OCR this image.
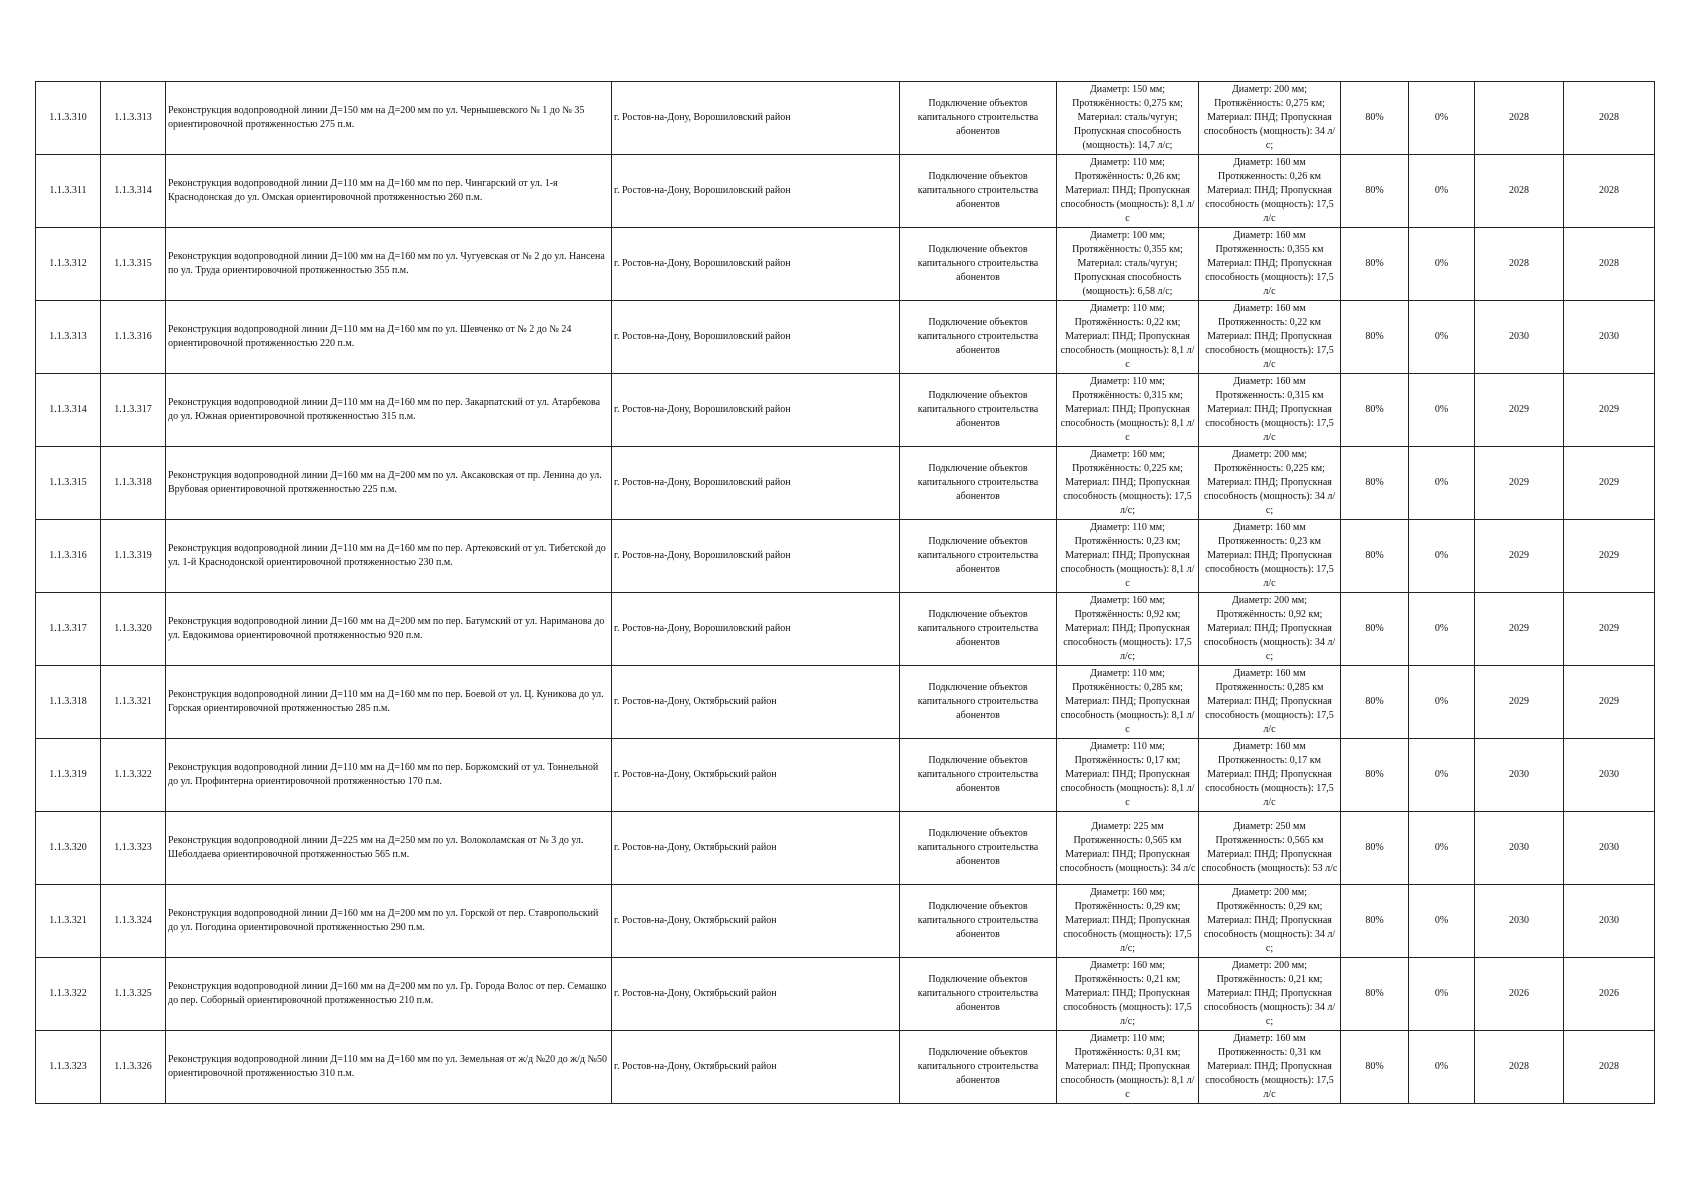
1.1.3.310	1.1.3.313	Реконструкция водопроводной линии Д=150 мм на Д=200 мм по ул. Чернышевского № 1 до № 35 ориентировочной протяженностью 275 п.м.	г. Ростов-на-Дону, Ворошиловский район	Подключение объектов капитального строительства абонентов	Диаметр: 150 мм; Протяжённость: 0,275 км; Материал: сталь/чугун; Пропускная способность (мощность): 14,7 л/с;	Диаметр: 200 мм; Протяжённость: 0,275 км; Материал: ПНД; Пропускная способность (мощность): 34 л/с;	80%	0%	2028	2028
1.1.3.311	1.1.3.314	Реконструкция водопроводной линии Д=110 мм на Д=160 мм по пер. Чингарский от ул. 1-я Краснодонская до ул. Омская ориентировочной протяженностью 260 п.м.	г. Ростов-на-Дону, Ворошиловский район	Подключение объектов капитального строительства абонентов	Диаметр: 110 мм; Протяжённость: 0,26 км; Материал: ПНД; Пропускная способность (мощность): 8,1 л/с	Диаметр: 160 мм Протяженность: 0,26 км Материал: ПНД; Пропускная способность (мощность): 17,5 л/с	80%	0%	2028	2028
1.1.3.312	1.1.3.315	Реконструкция водопроводной линии Д=100 мм на Д=160 мм по ул. Чугуевская от № 2 до ул. Нансена по ул. Труда ориентировочной протяженностью 355 п.м.	г. Ростов-на-Дону, Ворошиловский район	Подключение объектов капитального строительства абонентов	Диаметр: 100 мм; Протяжённость: 0,355 км; Материал: сталь/чугун; Пропускная способность (мощность): 6,58 л/с;	Диаметр: 160 мм Протяженность: 0,355 км Материал: ПНД; Пропускная способность (мощность): 17,5 л/с	80%	0%	2028	2028
1.1.3.313	1.1.3.316	Реконструкция водопроводной линии Д=110 мм на Д=160 мм по ул. Шевченко от № 2 до № 24 ориентировочной протяженностью 220 п.м.	г. Ростов-на-Дону, Ворошиловский район	Подключение объектов капитального строительства абонентов	Диаметр: 110 мм; Протяжённость: 0,22 км; Материал: ПНД; Пропускная способность (мощность): 8,1 л/с	Диаметр: 160 мм Протяженность: 0,22 км Материал: ПНД; Пропускная способность (мощность): 17,5 л/с	80%	0%	2030	2030
1.1.3.314	1.1.3.317	Реконструкция водопроводной линии Д=110 мм на Д=160 мм по пер. Закарпатский от ул. Атарбекова до ул. Южная ориентировочной протяженностью 315 п.м.	г. Ростов-на-Дону, Ворошиловский район	Подключение объектов капитального строительства абонентов	Диаметр: 110 мм; Протяжённость: 0,315 км; Материал: ПНД; Пропускная способность (мощность): 8,1 л/с	Диаметр: 160 мм Протяженность: 0,315 км Материал: ПНД; Пропускная способность (мощность): 17,5 л/с	80%	0%	2029	2029
1.1.3.315	1.1.3.318	Реконструкция водопроводной линии Д=160 мм на Д=200 мм по ул. Аксаковская от пр. Ленина до ул. Врубовая ориентировочной протяженностью 225 п.м.	г. Ростов-на-Дону, Ворошиловский район	Подключение объектов капитального строительства абонентов	Диаметр: 160 мм; Протяжённость: 0,225 км; Материал: ПНД; Пропускная способность (мощность): 17,5 л/с;	Диаметр: 200 мм; Протяжённость: 0,225 км; Материал: ПНД; Пропускная способность (мощность): 34 л/с;	80%	0%	2029	2029
1.1.3.316	1.1.3.319	Реконструкция водопроводной линии Д=110 мм на Д=160 мм по пер. Артековский от ул. Тибетской до ул. 1-й Краснодонской ориентировочной протяженностью 230 п.м.	г. Ростов-на-Дону, Ворошиловский район	Подключение объектов капитального строительства абонентов	Диаметр: 110 мм; Протяжённость: 0,23 км; Материал: ПНД; Пропускная способность (мощность): 8,1 л/с	Диаметр: 160 мм Протяженность: 0,23 км Материал: ПНД; Пропускная способность (мощность): 17,5 л/с	80%	0%	2029	2029
1.1.3.317	1.1.3.320	Реконструкция водопроводной линии Д=160 мм на Д=200 мм по пер. Батумский от ул. Нариманова до ул. Евдокимова ориентировочной протяженностью 920 п.м.	г. Ростов-на-Дону, Ворошиловский район	Подключение объектов капитального строительства абонентов	Диаметр: 160 мм; Протяжённость: 0,92 км; Материал: ПНД; Пропускная способность (мощность): 17,5 л/с;	Диаметр: 200 мм; Протяжённость: 0,92 км; Материал: ПНД; Пропускная способность (мощность): 34 л/с;	80%	0%	2029	2029
1.1.3.318	1.1.3.321	Реконструкция водопроводной линии Д=110 мм на Д=160 мм по пер. Боевой от ул. Ц. Куникова до ул. Горская ориентировочной протяженностью 285 п.м.	г. Ростов-на-Дону, Октябрьский район	Подключение объектов капитального строительства абонентов	Диаметр: 110 мм; Протяжённость: 0,285 км; Материал: ПНД; Пропускная способность (мощность): 8,1 л/с	Диаметр: 160 мм Протяженность: 0,285 км Материал: ПНД; Пропускная способность (мощность): 17,5 л/с	80%	0%	2029	2029
1.1.3.319	1.1.3.322	Реконструкция водопроводной линии Д=110 мм на Д=160 мм по пер. Боржомский от ул. Тоннельной до ул. Профинтерна ориентировочной протяженностью 170 п.м.	г. Ростов-на-Дону, Октябрьский район	Подключение объектов капитального строительства абонентов	Диаметр: 110 мм; Протяжённость: 0,17 км; Материал: ПНД; Пропускная способность (мощность): 8,1 л/с	Диаметр: 160 мм Протяженность: 0,17 км Материал: ПНД; Пропускная способность (мощность): 17,5 л/с	80%	0%	2030	2030
1.1.3.320	1.1.3.323	Реконструкция водопроводной линии Д=225 мм на Д=250 мм по ул. Волоколамская от № 3 до ул. Шеболдаева ориентировочной протяженностью 565 п.м.	г. Ростов-на-Дону, Октябрьский район	Подключение объектов капитального строительства абонентов	Диаметр: 225 мм Протяженность: 0,565 км Материал: ПНД; Пропускная способность (мощность): 34 л/с	Диаметр: 250 мм Протяженность: 0,565 км Материал: ПНД; Пропускная способность (мощность): 53 л/с	80%	0%	2030	2030
1.1.3.321	1.1.3.324	Реконструкция водопроводной линии Д=160 мм на Д=200 мм по ул. Горской от пер. Ставропольский до ул. Погодина ориентировочной протяженностью 290 п.м.	г. Ростов-на-Дону, Октябрьский район	Подключение объектов капитального строительства абонентов	Диаметр: 160 мм; Протяжённость: 0,29 км; Материал: ПНД; Пропускная способность (мощность): 17,5 л/с;	Диаметр: 200 мм; Протяжённость: 0,29 км; Материал: ПНД; Пропускная способность (мощность): 34 л/с;	80%	0%	2030	2030
1.1.3.322	1.1.3.325	Реконструкция водопроводной линии Д=160 мм на Д=200 мм по ул. Гр. Города Волос от пер. Семашко до пер. Соборный ориентировочной протяженностью 210 п.м.	г. Ростов-на-Дону, Октябрьский район	Подключение объектов капитального строительства абонентов	Диаметр: 160 мм; Протяжённость: 0,21 км; Материал: ПНД; Пропускная способность (мощность): 17,5 л/с;	Диаметр: 200 мм; Протяжённость: 0,21 км; Материал: ПНД; Пропускная способность (мощность): 34 л/с;	80%	0%	2026	2026
1.1.3.323	1.1.3.326	Реконструкция водопроводной линии Д=110 мм на Д=160 мм по ул. Земельная от ж/д №20 до ж/д №50 ориентировочной протяженностью 310 п.м.	г. Ростов-на-Дону, Октябрьский район	Подключение объектов капитального строительства абонентов	Диаметр: 110 мм; Протяжённость: 0,31 км; Материал: ПНД; Пропускная способность (мощность): 8,1 л/с	Диаметр: 160 мм Протяженность: 0,31 км Материал: ПНД; Пропускная способность (мощность): 17,5 л/с	80%	0%	2028	2028
